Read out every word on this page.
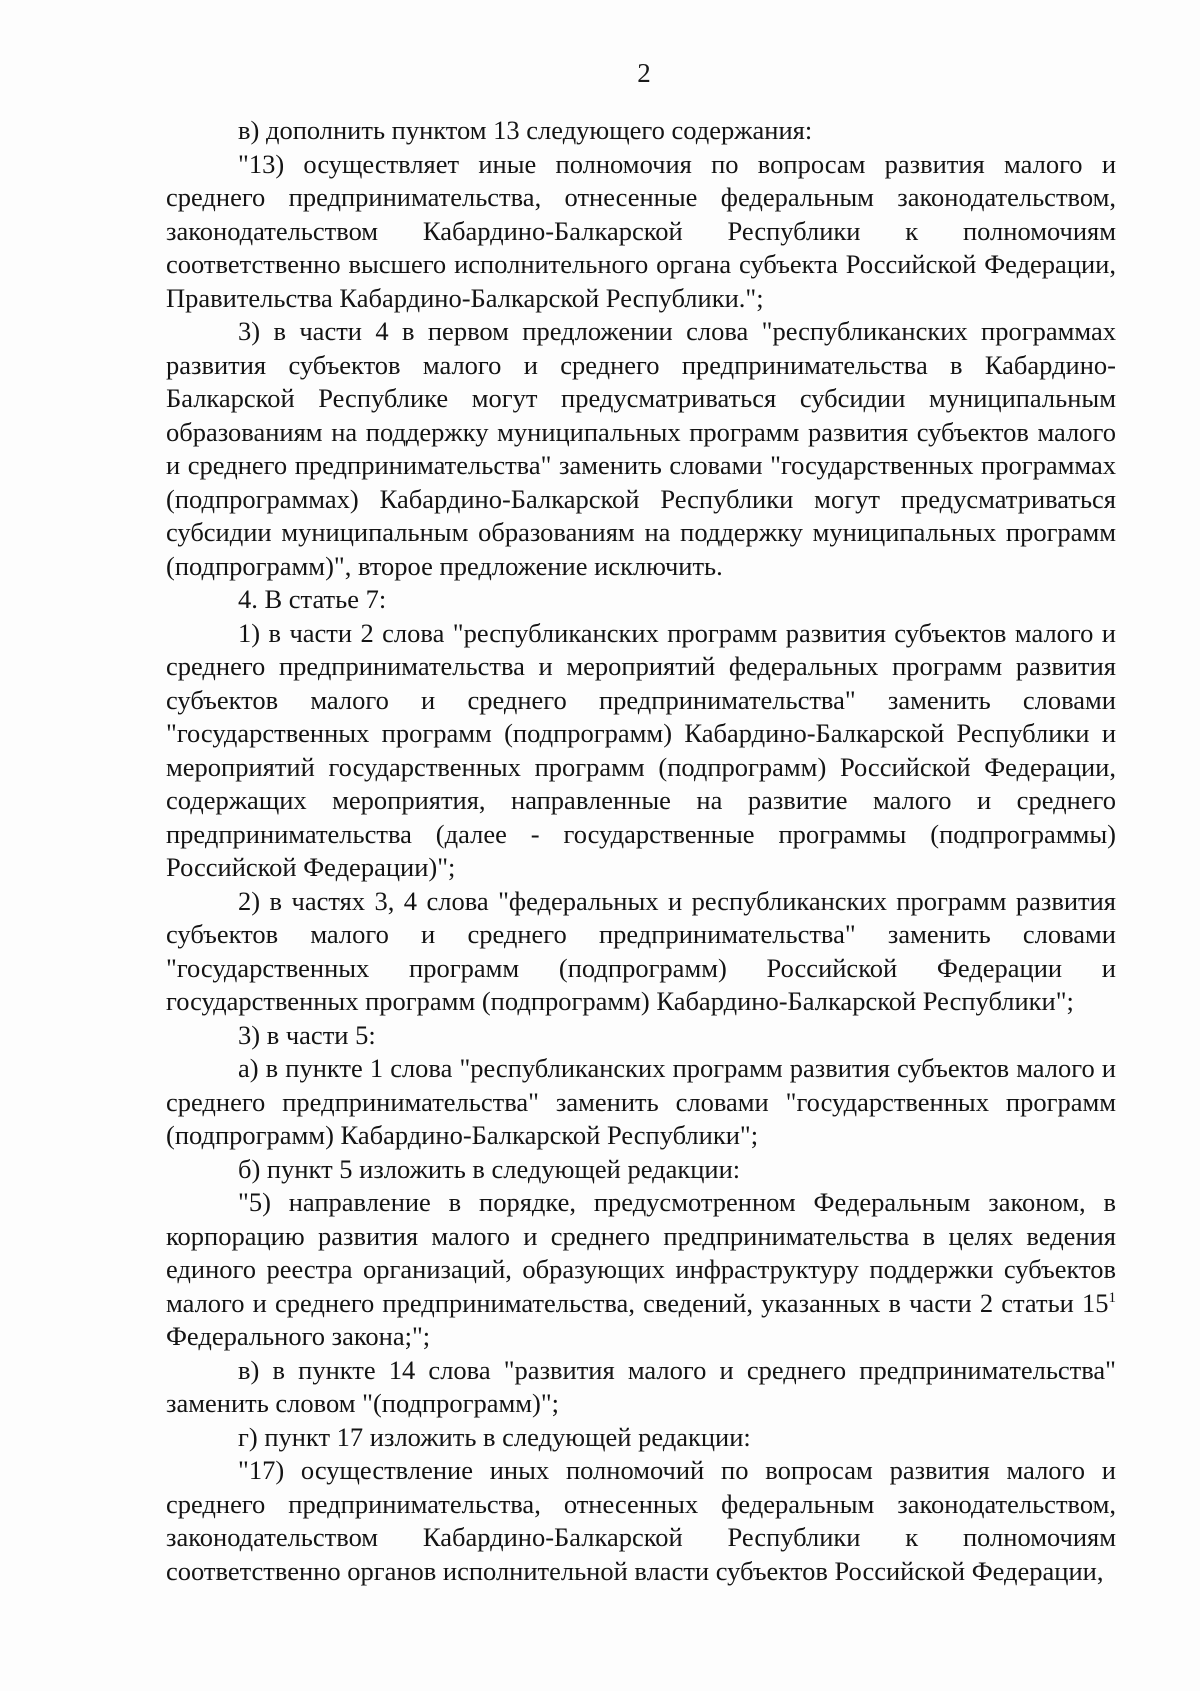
2

в) дополнить пунктом 13 следующего содержания:

"13) осуществляет иные полномочия по вопросам развития малого и среднего предпринимательства, отнесенные федеральным законодательством, законодательством Кабардино-Балкарской Республики к полномочиям соответственно высшего исполнительного органа субъекта Российской Федерации, Правительства Кабардино-Балкарской Республики.";

3) в части 4 в первом предложении слова "республиканских программах развития субъектов малого и среднего предпринимательства в Кабардино-Балкарской Республике могут предусматриваться субсидии муниципальным образованиям на поддержку муниципальных программ развития субъектов малого и среднего предпринимательства" заменить словами "государственных программах (подпрограммах) Кабардино-Балкарской Республики могут предусматриваться субсидии муниципальным образованиям на поддержку муниципальных программ (подпрограмм)", второе предложение исключить.

4. В статье 7:

1) в части 2 слова "республиканских программ развития субъектов малого и среднего предпринимательства и мероприятий федеральных программ развития субъектов малого и среднего предпринимательства" заменить словами "государственных программ (подпрограмм) Кабардино-Балкарской Республики и мероприятий государственных программ (подпрограмм) Российской Федерации, содержащих мероприятия, направленные на развитие малого и среднего предпринимательства (далее - государственные программы (подпрограммы) Российской Федерации)";

2) в частях 3, 4 слова "федеральных и республиканских программ развития субъектов малого и среднего предпринимательства" заменить словами "государственных программ (подпрограмм) Российской Федерации и государственных программ (подпрограмм) Кабардино-Балкарской Республики";

3) в части 5:

а) в пункте 1 слова "республиканских программ развития субъектов малого и среднего предпринимательства" заменить словами "государственных программ (подпрограмм) Кабардино-Балкарской Республики";

б) пункт 5 изложить в следующей редакции:

"5) направление в порядке, предусмотренном Федеральным законом, в корпорацию развития малого и среднего предпринимательства в целях ведения единого реестра организаций, образующих инфраструктуру поддержки субъектов малого и среднего предпринимательства, сведений, указанных в части 2 статьи $15^1$ Федерального закона;";

в) в пункте 14 слова "развития малого и среднего предпринимательства" заменить словом "(подпрограмм)";

г) пункт 17 изложить в следующей редакции:

"17) осуществление иных полномочий по вопросам развития малого и среднего предпринимательства, отнесенных федеральным законодательством, законодательством Кабардино-Балкарской Республики к полномочиям соответственно органов исполнительной власти субъектов Российской Федерации,
